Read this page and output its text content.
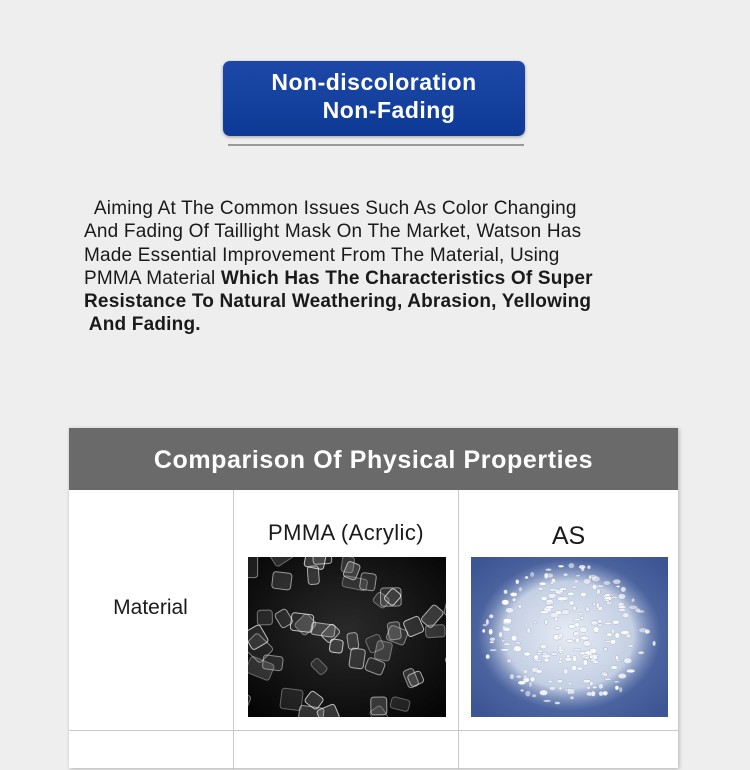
Non-discoloration
Non-Fading
Aiming At The Common Issues Such As Color Changing
And Fading Of Taillight Mask On The Market, Watson Has
Made Essential Improvement From The Material, Using
PMMA Material Which Has The Characteristics Of Super
Resistance To Natural Weathering, Abrasion, Yellowing
And Fading.
Comparison Of Physical Properties
Material
PMMA (Acrylic)	AS
